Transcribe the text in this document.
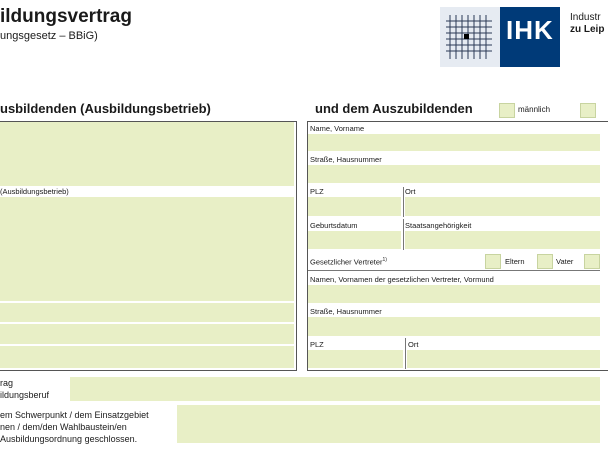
ildungsvertrag
ungsgesetz – BBiG)	IHK Industr
zu Leip
usbildenden (Ausbildungsbetrieb)	und dem Auszubildenden	männlich
(Ausbildungsbetrieb)
Name, Vorname
Straße, Hausnummer
PLZ	Ort
Geburtsdatum	Staatsangehörigkeit
Gesetzlicher Vertreter$^{1)}$	Eltern	Vater
Namen, Vornamen der gesetzlichen Vertreter, Vormund
Straße, Hausnummer
PLZ	Ort
rag
ildungsberuf
em Schwerpunkt / dem Einsatzgebiet
nen / dem/den Wahlbaustein/en
Ausbildungsordnung geschlossen.
